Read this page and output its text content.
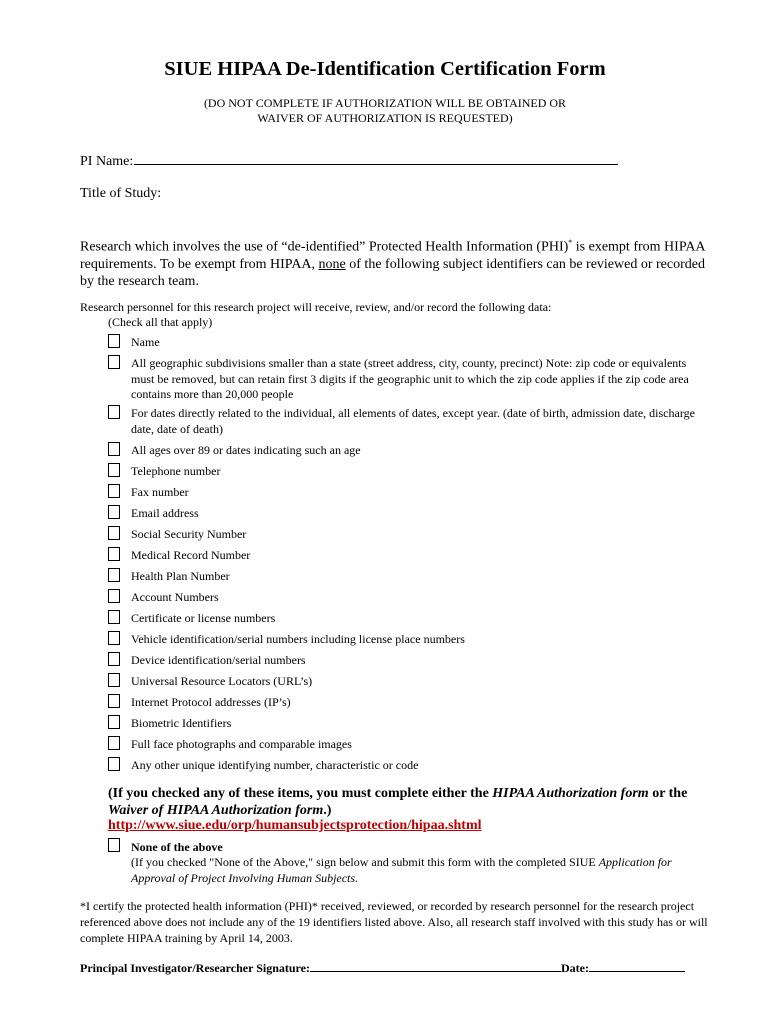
SIUE HIPAA De-Identification Certification Form
(DO NOT COMPLETE IF AUTHORIZATION WILL BE OBTAINED OR
WAIVER OF AUTHORIZATION IS REQUESTED)
PI Name:
Title of Study:
Research which involves the use of “de-identified” Protected Health Information (PHI)* is exempt from HIPAA requirements. To be exempt from HIPAA, none of the following subject identifiers can be reviewed or recorded by the research team.
Research personnel for this research project will receive, review, and/or record the following data:
(Check all that apply)
Name
All geographic subdivisions smaller than a state (street address, city, county, precinct) Note: zip code or equivalents must be removed, but can retain first 3 digits if the geographic unit to which the zip code applies if the zip code area contains more than 20,000 people
For dates directly related to the individual, all elements of dates, except year. (date of birth, admission date, discharge date, date of death)
All ages over 89 or dates indicating such an age
Telephone number
Fax number
Email address
Social Security Number
Medical Record Number
Health Plan Number
Account Numbers
Certificate or license numbers
Vehicle identification/serial numbers including license place numbers
Device identification/serial numbers
Universal Resource Locators (URL’s)
Internet Protocol addresses (IP’s)
Biometric Identifiers
Full face photographs and comparable images
Any other unique identifying number, characteristic or code
(If you checked any of these items, you must complete either the HIPAA Authorization form or the Waiver of HIPAA Authorization form.)
http://www.siue.edu/orp/humansubjectsprotection/hipaa.shtml
None of the above
(If you checked "None of the Above," sign below and submit this form with the completed SIUE Application for Approval of Project Involving Human Subjects.
*I certify the protected health information (PHI)* received, reviewed, or recorded by research personnel for the research project referenced above does not include any of the 19 identifiers listed above. Also, all research staff involved with this study has or will complete HIPAA training by April 14, 2003.
Principal Investigator/Researcher Signature:	Date:
